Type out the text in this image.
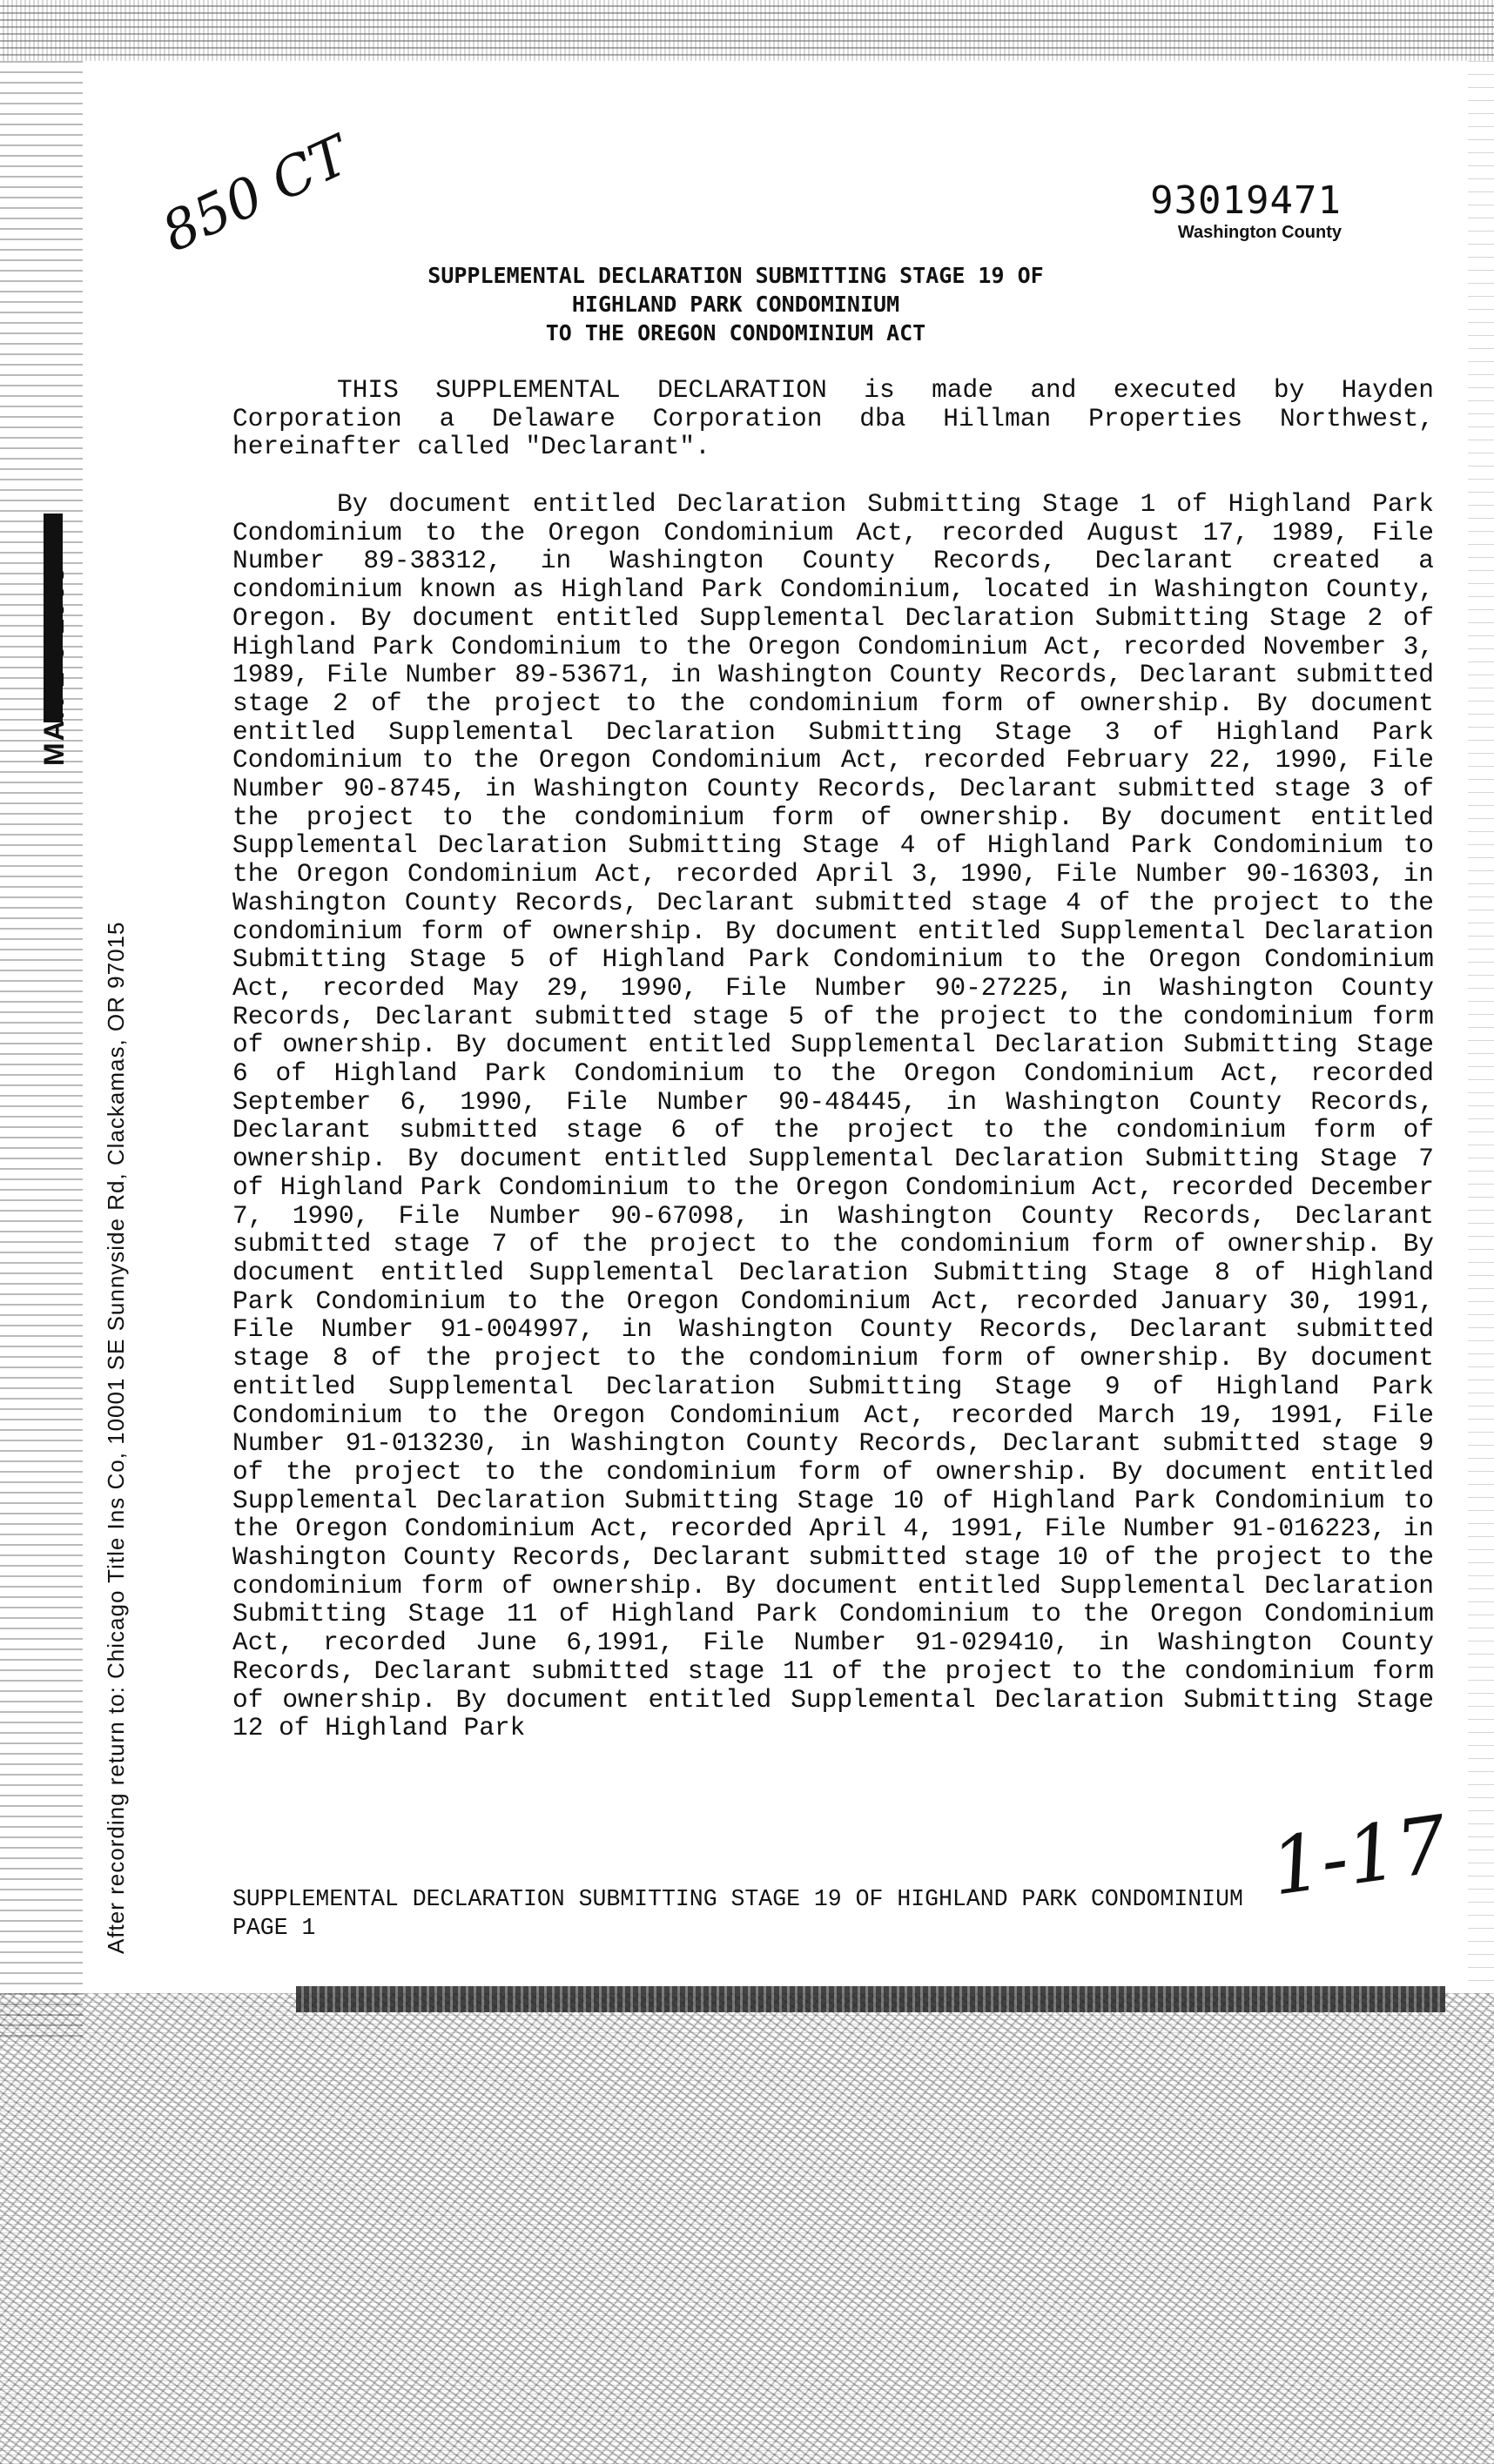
MAR 1 6 1993
After recording return to: Chicago Title Ins Co, 10001 SE Sunnyside Rd, Clackamas, OR 97015
850 CT	93019471
Washington County
SUPPLEMENTAL DECLARATION SUBMITTING STAGE 19 OF
HIGHLAND PARK CONDOMINIUM
TO THE OREGON CONDOMINIUM ACT
THIS SUPPLEMENTAL DECLARATION is made and executed by Hayden Corporation a Delaware Corporation dba Hillman Properties Northwest, hereinafter called "Declarant".
By document entitled Declaration Submitting Stage 1 of Highland Park Condominium to the Oregon Condominium Act, recorded August 17, 1989, File Number 89-38312, in Washington County Records, Declarant created a condominium known as Highland Park Condominium, located in Washington County, Oregon. By document entitled Supplemental Declaration Submitting Stage 2 of Highland Park Condominium to the Oregon Condominium Act, recorded November 3, 1989, File Number 89-53671, in Washington County Records, Declarant submitted stage 2 of the project to the condominium form of ownership. By document entitled Supplemental Declaration Submitting Stage 3 of Highland Park Condominium to the Oregon Condominium Act, recorded February 22, 1990, File Number 90-8745, in Washington County Records, Declarant submitted stage 3 of the project to the condominium form of ownership. By document entitled Supplemental Declaration Submitting Stage 4 of Highland Park Condominium to the Oregon Condominium Act, recorded April 3, 1990, File Number 90-16303, in Washington County Records, Declarant submitted stage 4 of the project to the condominium form of ownership. By document entitled Supplemental Declaration Submitting Stage 5 of Highland Park Condominium to the Oregon Condominium Act, recorded May 29, 1990, File Number 90-27225, in Washington County Records, Declarant submitted stage 5 of the project to the condominium form of ownership. By document entitled Supplemental Declaration Submitting Stage 6 of Highland Park Condominium to the Oregon Condominium Act, recorded September 6, 1990, File Number 90-48445, in Washington County Records, Declarant submitted stage 6 of the project to the condominium form of ownership. By document entitled Supplemental Declaration Submitting Stage 7 of Highland Park Condominium to the Oregon Condominium Act, recorded December 7, 1990, File Number 90-67098, in Washington County Records, Declarant submitted stage 7 of the project to the condominium form of ownership. By document entitled Supplemental Declaration Submitting Stage 8 of Highland Park Condominium to the Oregon Condominium Act, recorded January 30, 1991, File Number 91-004997, in Washington County Records, Declarant submitted stage 8 of the project to the condominium form of ownership. By document entitled Supplemental Declaration Submitting Stage 9 of Highland Park Condominium to the Oregon Condominium Act, recorded March 19, 1991, File Number 91-013230, in Washington County Records, Declarant submitted stage 9 of the project to the condominium form of ownership. By document entitled Supplemental Declaration Submitting Stage 10 of Highland Park Condominium to the Oregon Condominium Act, recorded April 4, 1991, File Number 91-016223, in Washington County Records, Declarant submitted stage 10 of the project to the condominium form of ownership. By document entitled Supplemental Declaration Submitting Stage 11 of Highland Park Condominium to the Oregon Condominium Act, recorded June 6,1991, File Number 91-029410, in Washington County Records, Declarant submitted stage 11 of the project to the condominium form of ownership. By document entitled Supplemental Declaration Submitting Stage 12 of Highland Park
1-17
SUPPLEMENTAL DECLARATION SUBMITTING STAGE 19 OF HIGHLAND PARK CONDOMINIUM
PAGE 1
